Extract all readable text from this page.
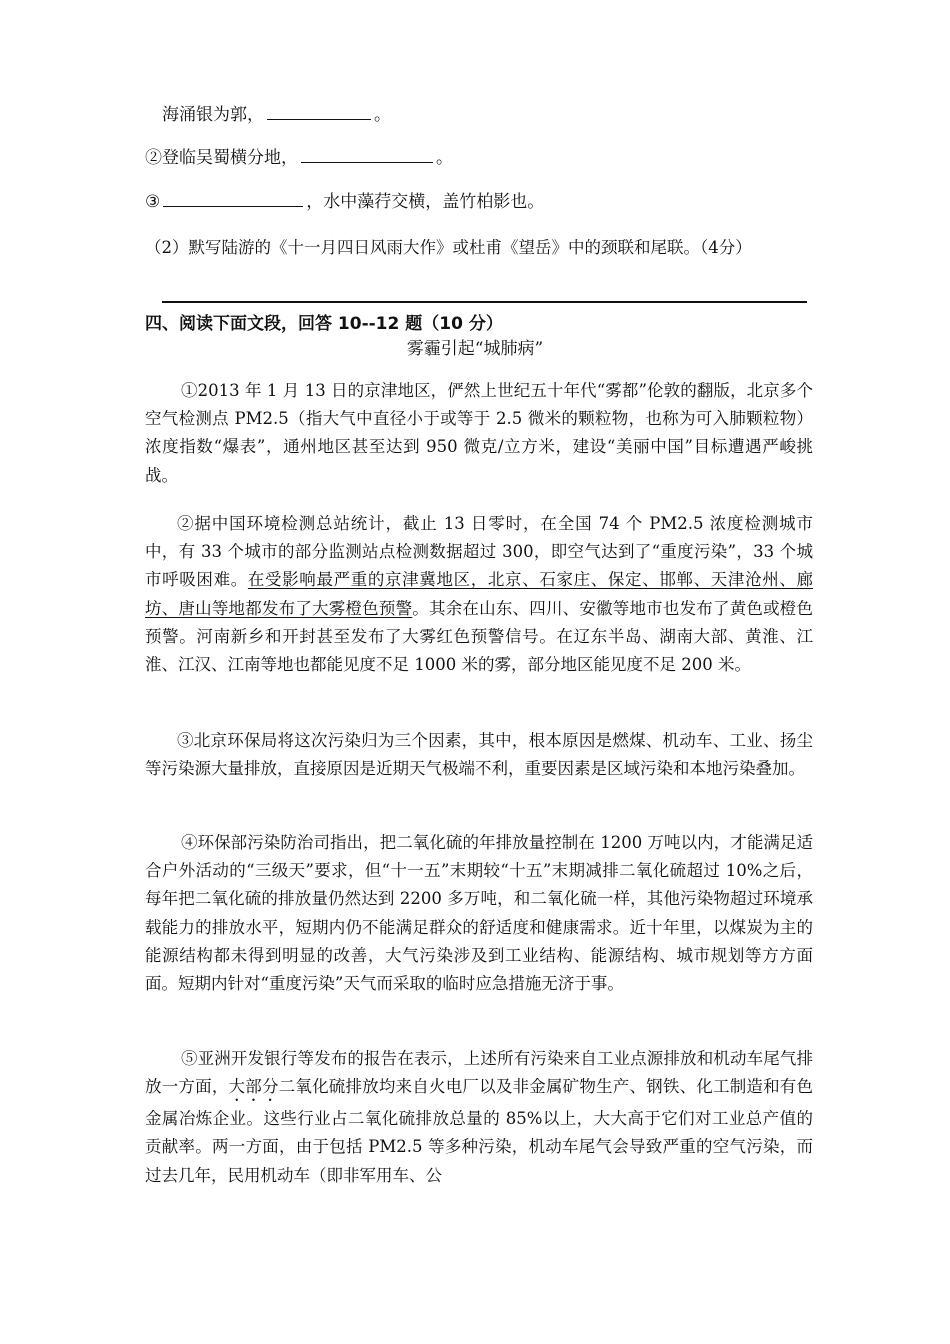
海涌银为郭，	。
②登临吴蜀横分地，	。
③	，水中藻荇交横，盖竹柏影也。
（2）默写陆游的《十一月四日风雨大作》或杜甫《望岳》中的颈联和尾联。（4分）
四、阅读下面文段，回答 10--12 题（10 分）
雾霾引起“城肺病”
①2013 年 1 月 13 日的京津地区，俨然上世纪五十年代“雾都”伦敦的翻版，北京多个空气检测点 PM2.5（指大气中直径小于或等于 2.5 微米的颗粒物，也称为可入肺颗粒物）浓度指数“爆表”，通州地区甚至达到 950 微克/立方米，建设“美丽中国”目标遭遇严峻挑战。
②据中国环境检测总站统计，截止 13 日零时，在全国 74 个 PM2.5 浓度检测城市中，有 33 个城市的部分监测站点检测数据超过 300，即空气达到了“重度污染”，33 个城市呼吸困难。在受影响最严重的京津冀地区，北京、石家庄、保定、邯郸、天津沧州、廊坊、唐山等地都发布了大雾橙色预警。其余在山东、四川、安徽等地市也发布了黄色或橙色预警。河南新乡和开封甚至发布了大雾红色预警信号。在辽东半岛、湖南大部、黄淮、江淮、江汉、江南等地也都能见度不足 1000 米的雾，部分地区能见度不足 200 米。
③北京环保局将这次污染归为三个因素，其中，根本原因是燃煤、机动车、工业、扬尘等污染源大量排放，直接原因是近期天气极端不利，重要因素是区域污染和本地污染叠加。
④环保部污染防治司指出，把二氧化硫的年排放量控制在 1200 万吨以内，才能满足适合户外活动的“三级天”要求，但“十一五”末期较“十五”末期减排二氧化硫超过 10%之后，每年把二氧化硫的排放量仍然达到 2200 多万吨，和二氧化硫一样，其他污染物超过环境承载能力的排放水平，短期内仍不能满足群众的舒适度和健康需求。近十年里，以煤炭为主的能源结构都未得到明显的改善，大气污染涉及到工业结构、能源结构、城市规划等方方面面。短期内针对“重度污染”天气而采取的临时应急措施无济于事。
⑤亚洲开发银行等发布的报告在表示，上述所有污染来自工业点源排放和机动车尾气排放一方面，大部分二氧化硫排放均来自火电厂以及非金属矿物生产、钢铁、化工制造和有色金属冶炼企业。这些行业占二氧化硫排放总量的 85%以上，大大高于它们对工业总产值的贡献率。两一方面，由于包括 PM2.5 等多种污染，机动车尾气会导致严重的空气污染，而过去几年，民用机动车（即非军用车、公
